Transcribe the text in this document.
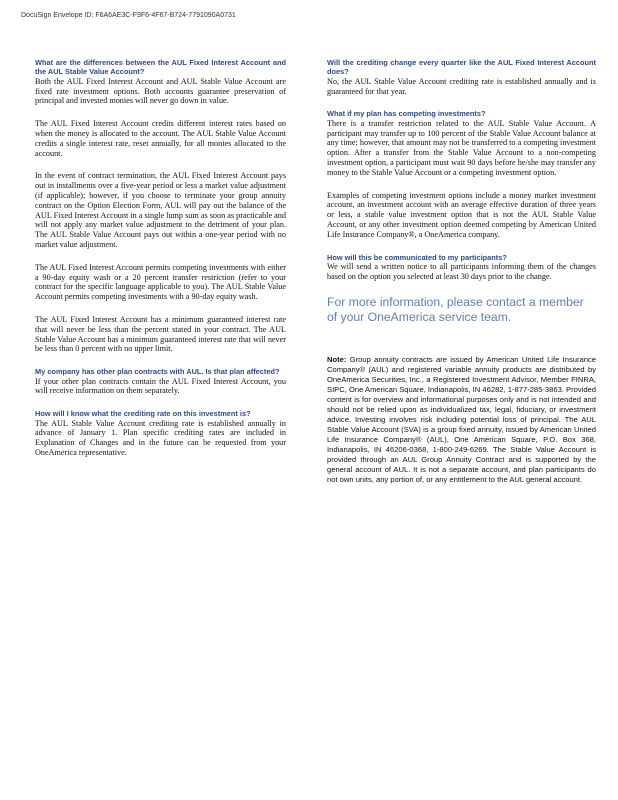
DocuSign Envelope ID: F6A6AE3C-F9F6-4F67-B724-7791090A0731
What are the differences between the AUL Fixed Interest Account and the AUL Stable Value Account?
Both the AUL Fixed Interest Account and AUL Stable Value Account are fixed rate investment options. Both accounts guarantee preservation of principal and invested monies will never go down in value.
The AUL Fixed Interest Account credits different interest rates based on when the money is allocated to the account. The AUL Stable Value Account credits a single interest rate, reset annually, for all monies allocated to the account.
In the event of contract termination, the AUL Fixed Interest Account pays out in installments over a five-year period or less a market value adjustment (if applicable); however, if you choose to terminate your group annuity contract on the Option Election Form, AUL will pay out the balance of the AUL Fixed Interest Account in a single lump sum as soon as practicable and will not apply any market value adjustment to the detriment of your plan. The AUL Stable Value Account pays out within a one-year period with no market value adjustment.
The AUL Fixed Interest Account permits competing investments with either a 90-day equity wash or a 20 percent transfer restriction (refer to your contract for the specific language applicable to you). The AUL Stable Value Account permits competing investments with a 90-day equity wash.
The AUL Fixed Interest Account has a minimum guaranteed interest rate that will never be less than the percent stated in your contract. The AUL Stable Value Account has a minimum guaranteed interest rate that will never be less than 0 percent with no upper limit.
My company has other plan contracts with AUL. Is that plan affected?
If your other plan contracts contain the AUL Fixed Interest Account, you will receive information on them separately.
How will I know what the crediting rate on this investment is?
The AUL Stable Value Account crediting rate is established annually in advance of January 1. Plan specific crediting rates are included in Explanation of Changes and in the future can be requested from your OneAmerica representative.
Will the crediting change every quarter like the AUL Fixed Interest Account does?
No, the AUL Stable Value Account crediting rate is established annually and is guaranteed for that year.
What if my plan has competing investments?
There is a transfer restriction related to the AUL Stable Value Account. A participant may transfer up to 100 percent of the Stable Value Account balance at any time; however, that amount may not be transferred to a competing investment option. After a transfer from the Stable Value Account to a non-competing investment option, a participant must wait 90 days before he/she may transfer any money to the Stable Value Account or a competing investment option.
Examples of competing investment options include a money market investment account, an investment account with an average effective duration of three years or less, a stable value investment option that is not the AUL Stable Value Account, or any other investment option deemed competing by American United Life Insurance Company®, a OneAmerica company.
How will this be communicated to my participants?
We will send a written notice to all participants informing them of the changes based on the option you selected at least 30 days prior to the change.
For more information, please contact a member of your OneAmerica service team.
Note: Group annuity contracts are issued by American United Life Insurance Company® (AUL) and registered variable annuity products are distributed by OneAmerica Securities, Inc., a Registered Investment Advisor, Member FINRA, SIPC, One American Square, Indianapolis, IN 46282, 1-877-285-3863. Provided content is for overview and informational purposes only and is not intended and should not be relied upon as individualized tax, legal, fiduciary, or investment advice. Investing involves risk including potential loss of principal. The AUL Stable Value Account (SVA) is a group fixed annuity, issued by American United Life Insurance Company® (AUL), One American Square, P.O. Box 368, Indianapolis, IN 46206-0368, 1-800-249-6269. The Stable Value Account is provided through an AUL Group Annuity Contract and is supported by the general account of AUL. It is not a separate account, and plan participants do not own units, any portion of, or any entitlement to the AUL general account.
